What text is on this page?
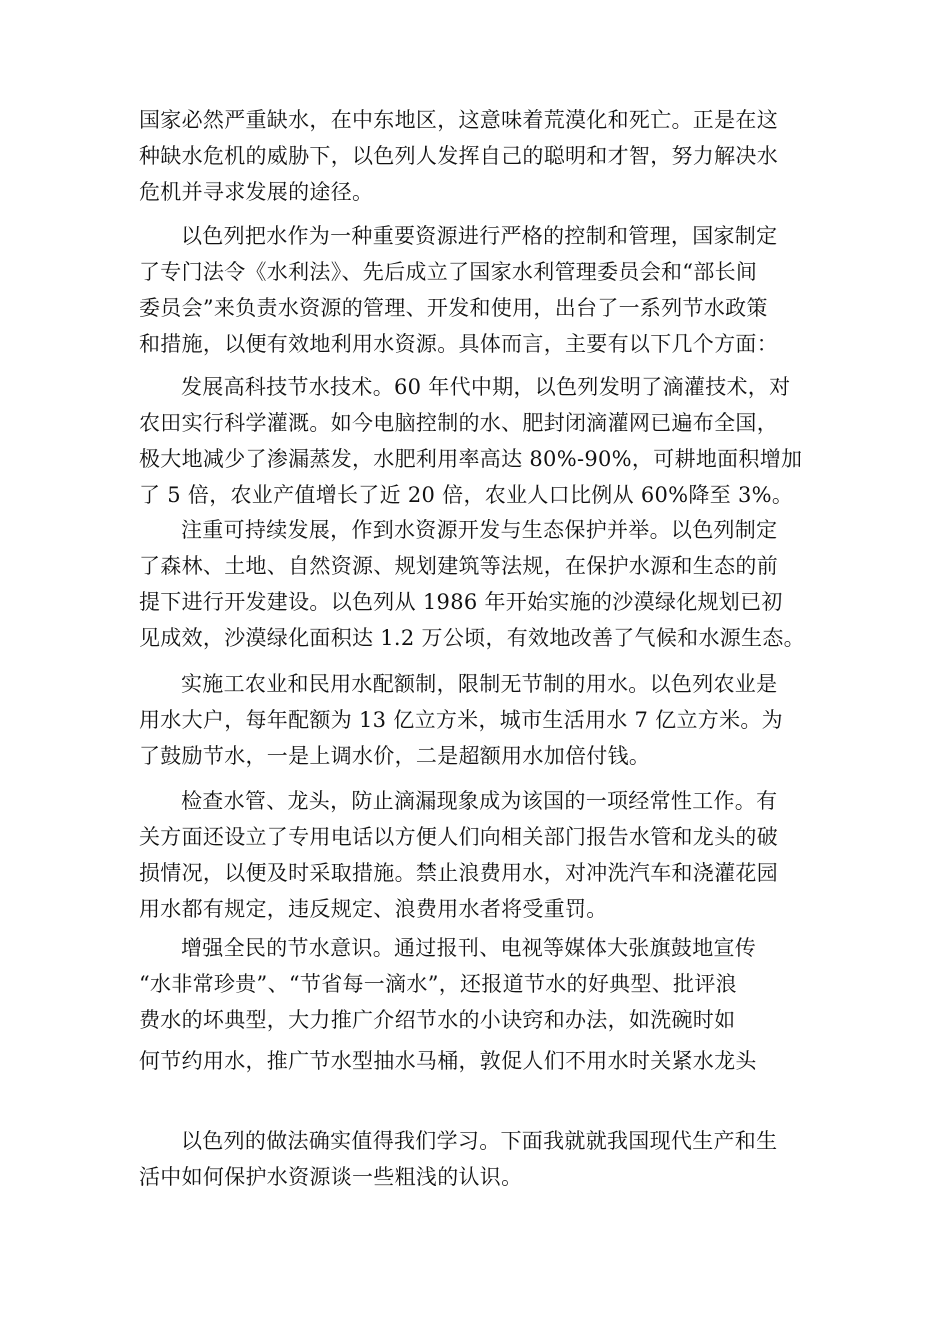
国家必然严重缺水，在中东地区，这意味着荒漠化和死亡。正是在这
种缺水危机的威胁下，以色列人发挥自己的聪明和才智，努力解决水
危机并寻求发展的途径。

以色列把水作为一种重要资源进行严格的控制和管理，国家制定
了专门法令《水利法》、先后成立了国家水利管理委员会和“部长间
委员会”来负责水资源的管理、开发和使用，出台了一系列节水政策
和措施，以便有效地利用水资源。具体而言，主要有以下几个方面：

发展高科技节水技术。60 年代中期，以色列发明了滴灌技术，对
农田实行科学灌溉。如今电脑控制的水、肥封闭滴灌网已遍布全国，
极大地减少了渗漏蒸发，水肥利用率高达 80%-90%，可耕地面积增加
了 5 倍，农业产值增长了近 20 倍，农业人口比例从 60%降至 3%。

注重可持续发展，作到水资源开发与生态保护并举。以色列制定
了森林、土地、自然资源、规划建筑等法规，在保护水源和生态的前
提下进行开发建设。以色列从 1986 年开始实施的沙漠绿化规划已初
见成效，沙漠绿化面积达 1.2 万公顷，有效地改善了气候和水源生态。

实施工农业和民用水配额制，限制无节制的用水。以色列农业是
用水大户，每年配额为 13 亿立方米，城市生活用水 7 亿立方米。为
了鼓励节水，一是上调水价，二是超额用水加倍付钱。

检查水管、龙头，防止滴漏现象成为该国的一项经常性工作。有
关方面还设立了专用电话以方便人们向相关部门报告水管和龙头的破
损情况，以便及时采取措施。禁止浪费用水，对冲洗汽车和浇灌花园
用水都有规定，违反规定、浪费用水者将受重罚。

增强全民的节水意识。通过报刊、电视等媒体大张旗鼓地宣传
“水非常珍贵”、“节省每一滴水”，还报道节水的好典型、批评浪
费水的坏典型，大力推广介绍节水的小诀窍和办法，如洗碗时如

何节约用水，推广节水型抽水马桶，敦促人们不用水时关紧水龙头

以色列的做法确实值得我们学习。下面我就就我国现代生产和生
活中如何保护水资源谈一些粗浅的认识。
